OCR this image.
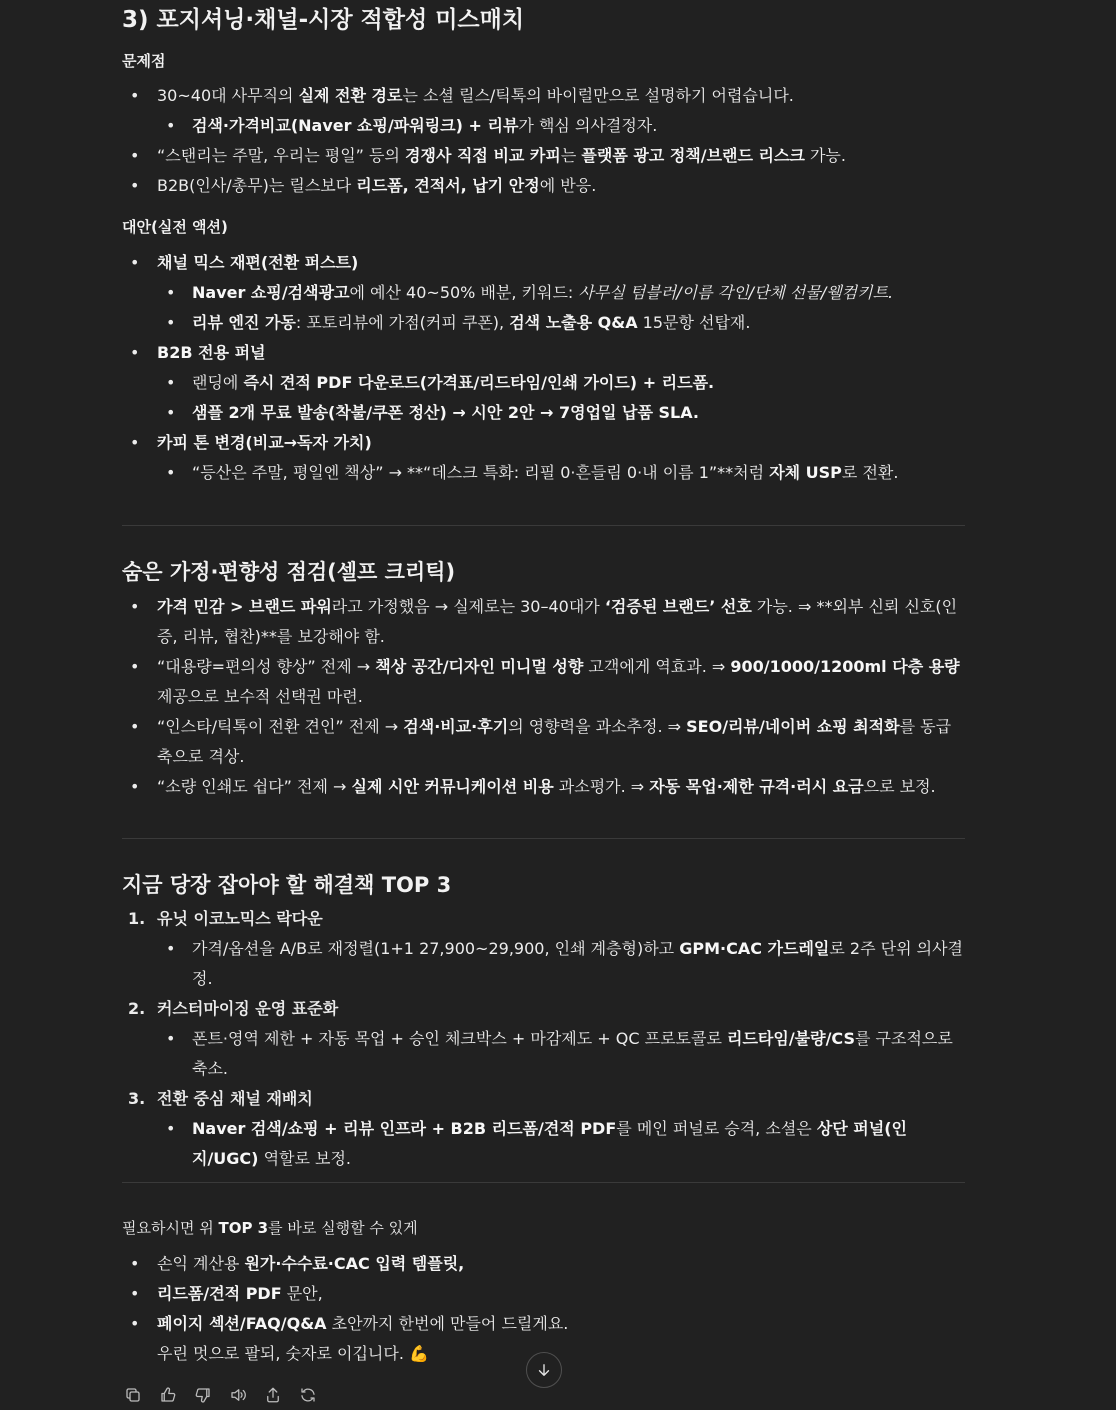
3) 포지셔닝·채널-시장 적합성 미스매치
문제점
• 30~40대 사무직의 실제 전환 경로는 소셜 릴스/틱톡의 바이럴만으로 설명하기 어렵습니다.
• 검색·가격비교(Naver 쇼핑/파워링크) + 리뷰가 핵심 의사결정자.
• “스탠리는 주말, 우리는 평일” 등의 경쟁사 직접 비교 카피는 플랫폼 광고 정책/브랜드 리스크 가능.
• B2B(인사/총무)는 릴스보다 리드폼, 견적서, 납기 안정에 반응.
대안(실전 액션)
• 채널 믹스 재편(전환 퍼스트)
• Naver 쇼핑/검색광고에 예산 40~50% 배분, 키워드: 사무실 텀블러/이름 각인/단체 선물/웰컴키트.
• 리뷰 엔진 가동: 포토리뷰에 가점(커피 쿠폰), 검색 노출용 Q&A 15문항 선탑재.
• B2B 전용 퍼널
• 랜딩에 즉시 견적 PDF 다운로드(가격표/리드타임/인쇄 가이드) + 리드폼.
• 샘플 2개 무료 발송(착불/쿠폰 정산) → 시안 2안 → 7영업일 납품 SLA.
• 카피 톤 변경(비교→독자 가치)
• “등산은 주말, 평일엔 책상” → **“데스크 특화: 리필 0·흔들림 0·내 이름 1”**처럼 자체 USP로 전환.
숨은 가정·편향성 점검(셀프 크리틱)
• 가격 민감 > 브랜드 파워라고 가정했음 → 실제로는 30–40대가 ‘검증된 브랜드’ 선호 가능. ⇒ **외부 신뢰 신호(인증, 리뷰, 협찬)**를 보강해야 함.
• “대용량=편의성 향상” 전제 → 책상 공간/디자인 미니멀 성향 고객에게 역효과. ⇒ 900/1000/1200ml 다층 용량 제공으로 보수적 선택권 마련.
• “인스타/틱톡이 전환 견인” 전제 → 검색·비교·후기의 영향력을 과소추정. ⇒ SEO/리뷰/네이버 쇼핑 최적화를 동급 축으로 격상.
• “소량 인쇄도 쉽다” 전제 → 실제 시안 커뮤니케이션 비용 과소평가. ⇒ 자동 목업·제한 규격·러시 요금으로 보정.
지금 당장 잡아야 할 해결책 TOP 3
1. 유닛 이코노믹스 락다운
• 가격/옵션을 A/B로 재정렬(1+1 27,900~29,900, 인쇄 계층형)하고 GPM·CAC 가드레일로 2주 단위 의사결정.
2. 커스터마이징 운영 표준화
• 폰트·영역 제한 + 자동 목업 + 승인 체크박스 + 마감제도 + QC 프로토콜로 리드타임/불량/CS를 구조적으로 축소.
3. 전환 중심 채널 재배치
• Naver 검색/쇼핑 + 리뷰 인프라 + B2B 리드폼/견적 PDF를 메인 퍼널로 승격, 소셜은 상단 퍼널(인지/UGC) 역할로 보정.

필요하시면 위 TOP 3를 바로 실행할 수 있게

• 손익 계산용 원가·수수료·CAC 입력 템플릿,
• 리드폼/견적 PDF 문안,
• 페이지 섹션/FAQ/Q&A 초안까지 한번에 만들어 드릴게요.
우린 멋으로 팔되, 숫자로 이깁니다. 💪
